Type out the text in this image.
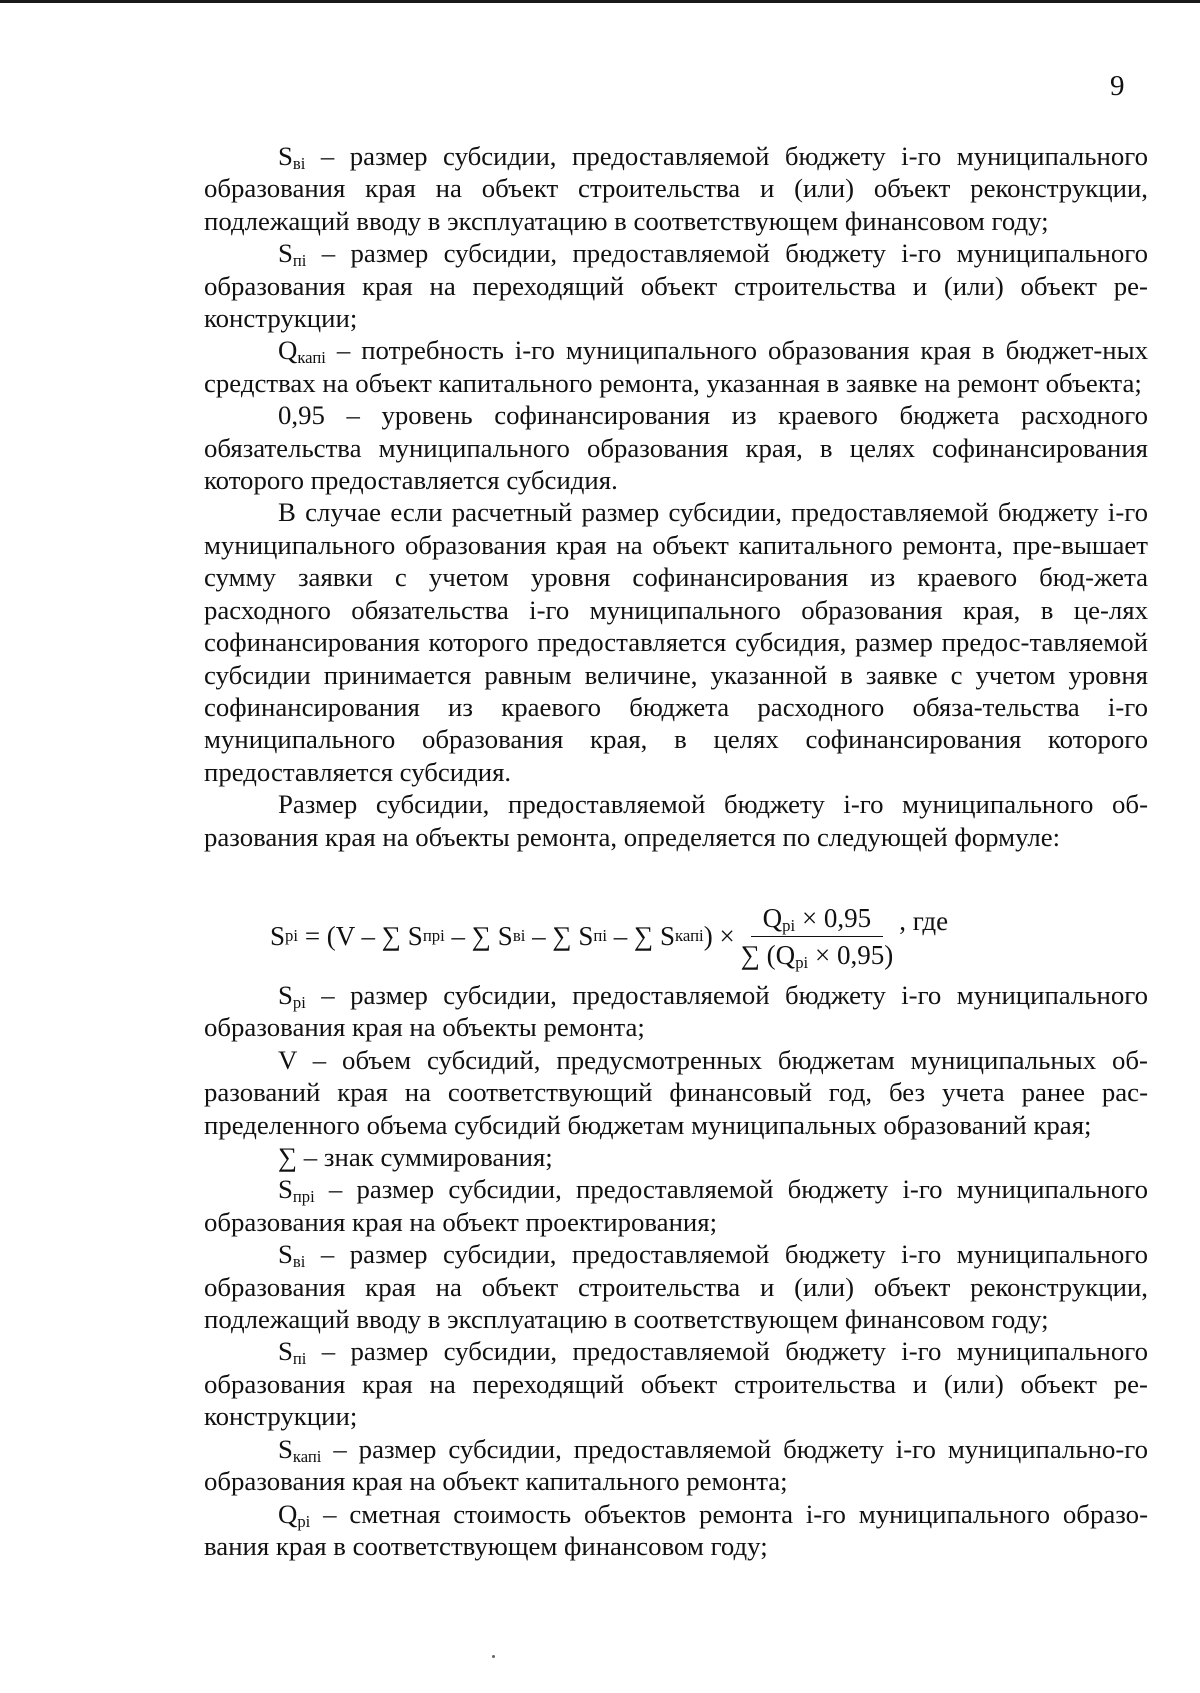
9

$S_{вi}$ – размер субсидии, предоставляемой бюджету i-го муниципального образования края на объект строительства и (или) объект реконструкции, подлежащий вводу в эксплуатацию в соответствующем финансовом году;

$S_{пi}$ – размер субсидии, предоставляемой бюджету i-го муниципального образования края на переходящий объект строительства и (или) объект ре-конструкции;

$Q_{капi}$ – потребность i-го муниципального образования края в бюджет-ных средствах на объект капитального ремонта, указанная в заявке на ремонт объекта;

0,95 – уровень софинансирования из краевого бюджета расходного обязательства муниципального образования края, в целях софинансирования которого предоставляется субсидия.

В случае если расчетный размер субсидии, предоставляемой бюджету i-го муниципального образования края на объект капитального ремонта, пре-вышает сумму заявки с учетом уровня софинансирования из краевого бюд-жета расходного обязательства i-го муниципального образования края, в це-лях софинансирования которого предоставляется субсидия, размер предос-тавляемой субсидии принимается равным величине, указанной в заявке с учетом уровня софинансирования из краевого бюджета расходного обяза-тельства i-го муниципального образования края, в целях софинансирования которого предоставляется субсидия.

Размер субсидии, предоставляемой бюджету i-го муниципального об-разования края на объекты ремонта, определяется по следующей формуле:

S pi = (V – ∑ S прi – ∑ S вi – ∑ S пi – ∑ S капi ) × $\frac{Q_{pi} \times 0,95}{\sum (Q_{pi} \times 0,95)}$ , где

$S_{pi}$ – размер субсидии, предоставляемой бюджету i-го муниципального образования края на объекты ремонта;

V – объем субсидий, предусмотренных бюджетам муниципальных об-разований края на соответствующий финансовый год, без учета ранее рас-пределенного объема субсидий бюджетам муниципальных образований края;

∑ – знак суммирования;

$S_{прi}$ – размер субсидии, предоставляемой бюджету i-го муниципального образования края на объект проектирования;

$S_{вi}$ – размер субсидии, предоставляемой бюджету i-го муниципального образования края на объект строительства и (или) объект реконструкции, подлежащий вводу в эксплуатацию в соответствующем финансовом году;

$S_{пi}$ – размер субсидии, предоставляемой бюджету i-го муниципального образования края на переходящий объект строительства и (или) объект ре-конструкции;

$S_{капi}$ – размер субсидии, предоставляемой бюджету i-го муниципально-го образования края на объект капитального ремонта;

$Q_{pi}$ – сметная стоимость объектов ремонта i-го муниципального образо-вания края в соответствующем финансовом году;
